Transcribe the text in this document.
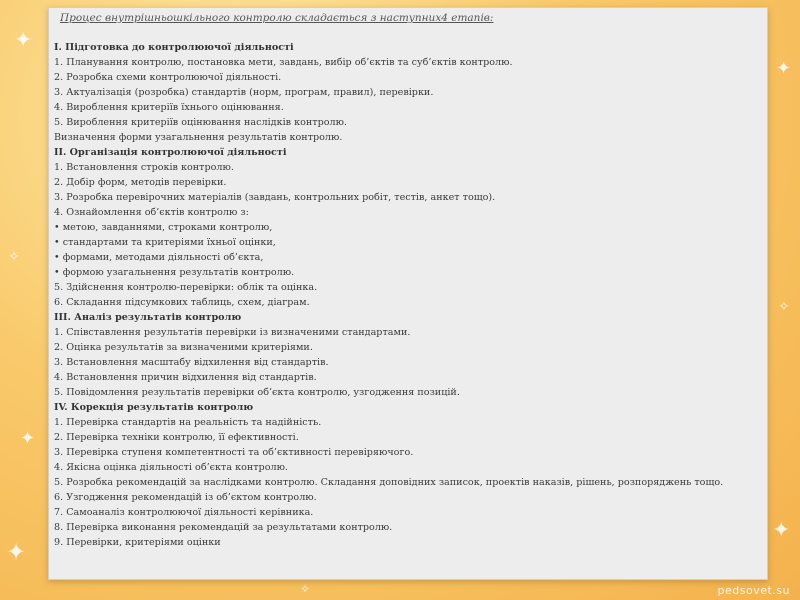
✦
✧
✦
✦
✦
✧
✦
✧
Процес внутрішньошкільного контролю складається з наступних4 етапів:
I. Підготовка до контролюючої діяльності
1. Планування контролю, постановка мети, завдань, вибір об’єктів та суб’єктів контролю.
2. Розробка схеми контролюючої діяльності.
3. Актуалізація (розробка) стандартів (норм, програм, правил), перевірки.
4. Вироблення критеріїв їхнього оцінювання.
5. Вироблення критеріїв оцінювання наслідків контролю.
Визначення форми узагальнення результатів контролю.
II. Організація контролюючої діяльності
1. Встановлення строків контролю.
2. Добір форм, методів перевірки.
3. Розробка перевірочних матеріалів (завдань, контрольних робіт, тестів, анкет тощо).
4. Ознайомлення об’єктів контролю з:
• метою, завданнями, строками контролю,
• стандартами та критеріями їхньої оцінки,
• формами, методами діяльності об’єкта,
• формою узагальнення результатів контролю.
5. Здійснення контролю-перевірки: облік та оцінка.
6. Складання підсумкових таблиць, схем, діаграм.
III. Аналіз результатів контролю
1. Співставлення результатів перевірки із визначеними стандартами.
2. Оцінка результатів за визначеними критеріями.
3. Встановлення масштабу відхилення від стандартів.
4. Встановлення причин відхилення від стандартів.
5. Повідомлення результатів перевірки об’єкта контролю, узгодження позицій.
IV. Корекція результатів контролю
1. Перевірка стандартів на реальність та надійність.
2. Перевірка техніки контролю, її ефективності.
3. Перевірка ступеня компетентності та об’єктивності перевіряючого.
4. Якісна оцінка діяльності об’єкта контролю.
5. Розробка рекомендацій за наслідками контролю. Складання доповідних записок, проектів наказів, рішень, розпоряджень тощо.
6. Узгодження рекомендацій із об’єктом контролю.
7. Самоаналіз контролюючої діяльності керівника.
8. Перевірка виконання рекомендацій за результатами контролю.
9. Перевірки, критеріями оцінки
pedsovet.su
